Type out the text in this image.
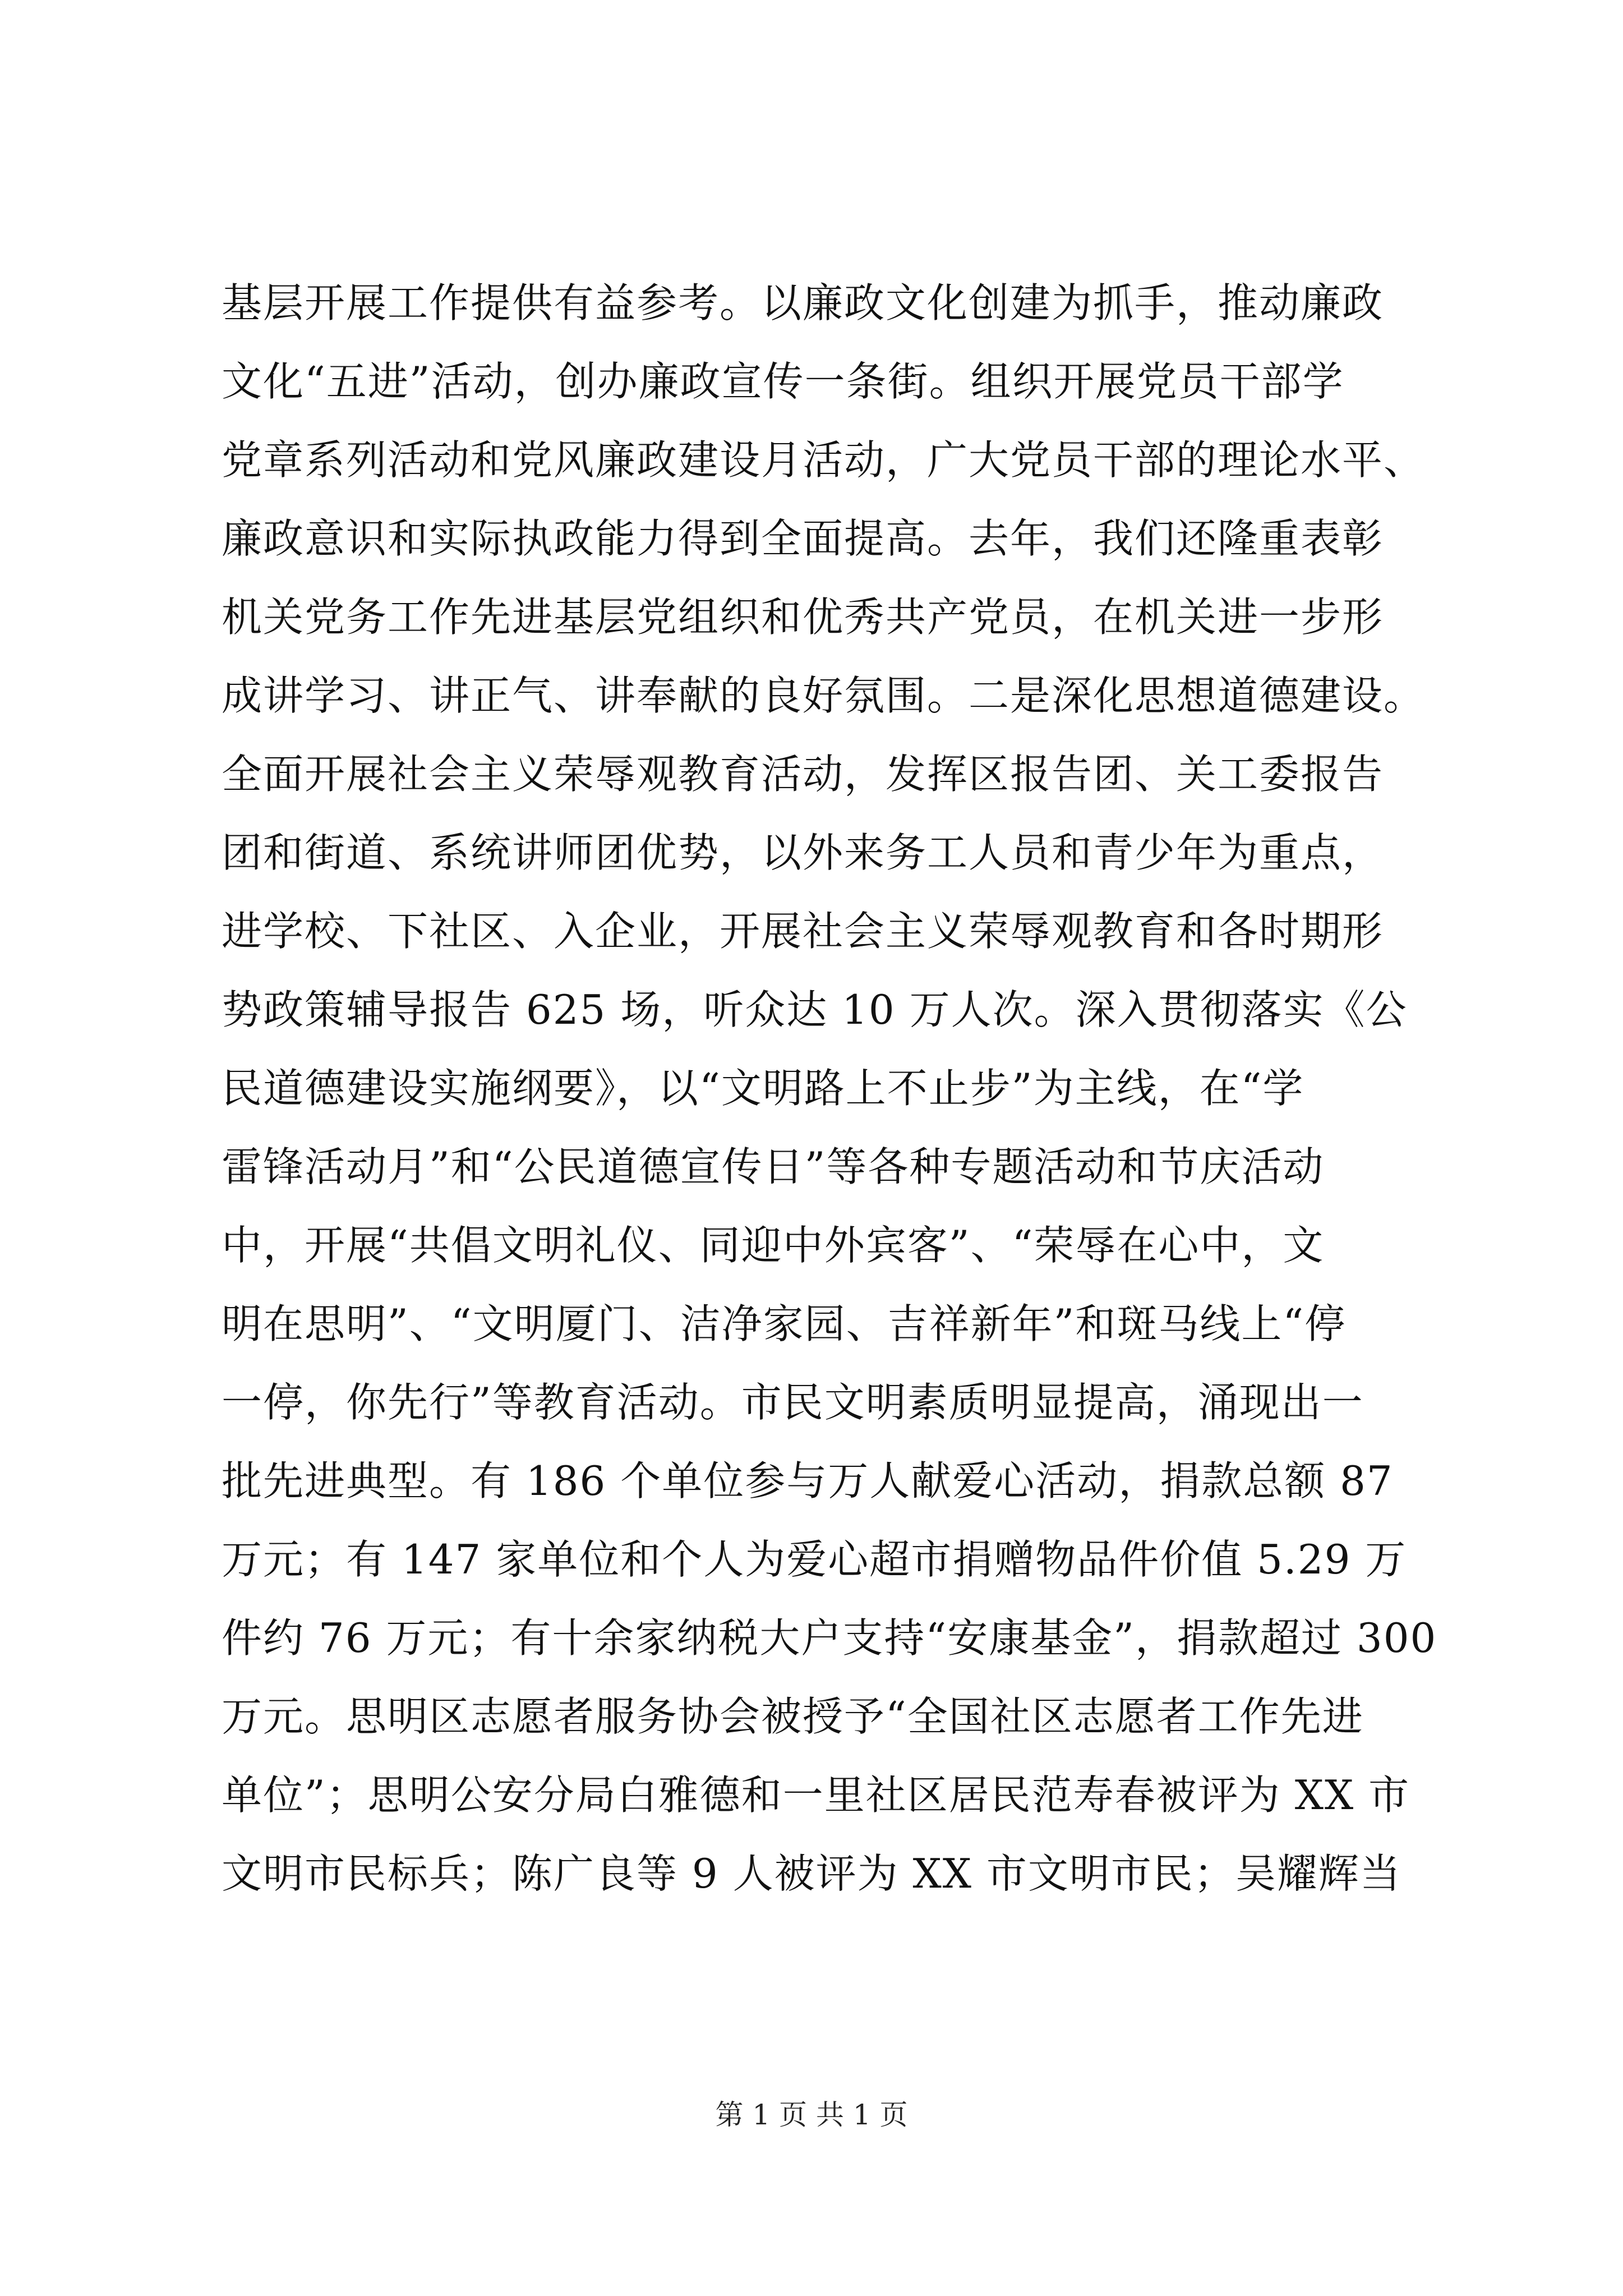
基层开展工作提供有益参考。以廉政文化创建为抓手，推动廉政
文化“五进”活动，创办廉政宣传一条街。组织开展党员干部学
党章系列活动和党风廉政建设月活动，广大党员干部的理论水平、
廉政意识和实际执政能力得到全面提高。去年，我们还隆重表彰
机关党务工作先进基层党组织和优秀共产党员，在机关进一步形
成讲学习、讲正气、讲奉献的良好氛围。二是深化思想道德建设。
全面开展社会主义荣辱观教育活动，发挥区报告团、关工委报告
团和街道、系统讲师团优势，以外来务工人员和青少年为重点，
进学校、下社区、入企业，开展社会主义荣辱观教育和各时期形
势政策辅导报告 625 场，听众达 10 万人次。深入贯彻落实《公
民道德建设实施纲要》，以“文明路上不止步”为主线，在“学
雷锋活动月”和“公民道德宣传日”等各种专题活动和节庆活动
中，开展“共倡文明礼仪、同迎中外宾客”、“荣辱在心中，文
明在思明”、“文明厦门、洁净家园、吉祥新年”和斑马线上“停
一停，你先行”等教育活动。市民文明素质明显提高，涌现出一
批先进典型。有 186 个单位参与万人献爱心活动，捐款总额 87
万元；有 147 家单位和个人为爱心超市捐赠物品件价值 5.29 万
件约 76 万元；有十余家纳税大户支持“安康基金”，捐款超过 300
万元。思明区志愿者服务协会被授予“全国社区志愿者工作先进
单位”；思明公安分局白雅德和一里社区居民范寿春被评为 XX 市
文明市民标兵；陈广良等 9 人被评为 XX 市文明市民；吴耀辉当
第 1 页 共 1 页
